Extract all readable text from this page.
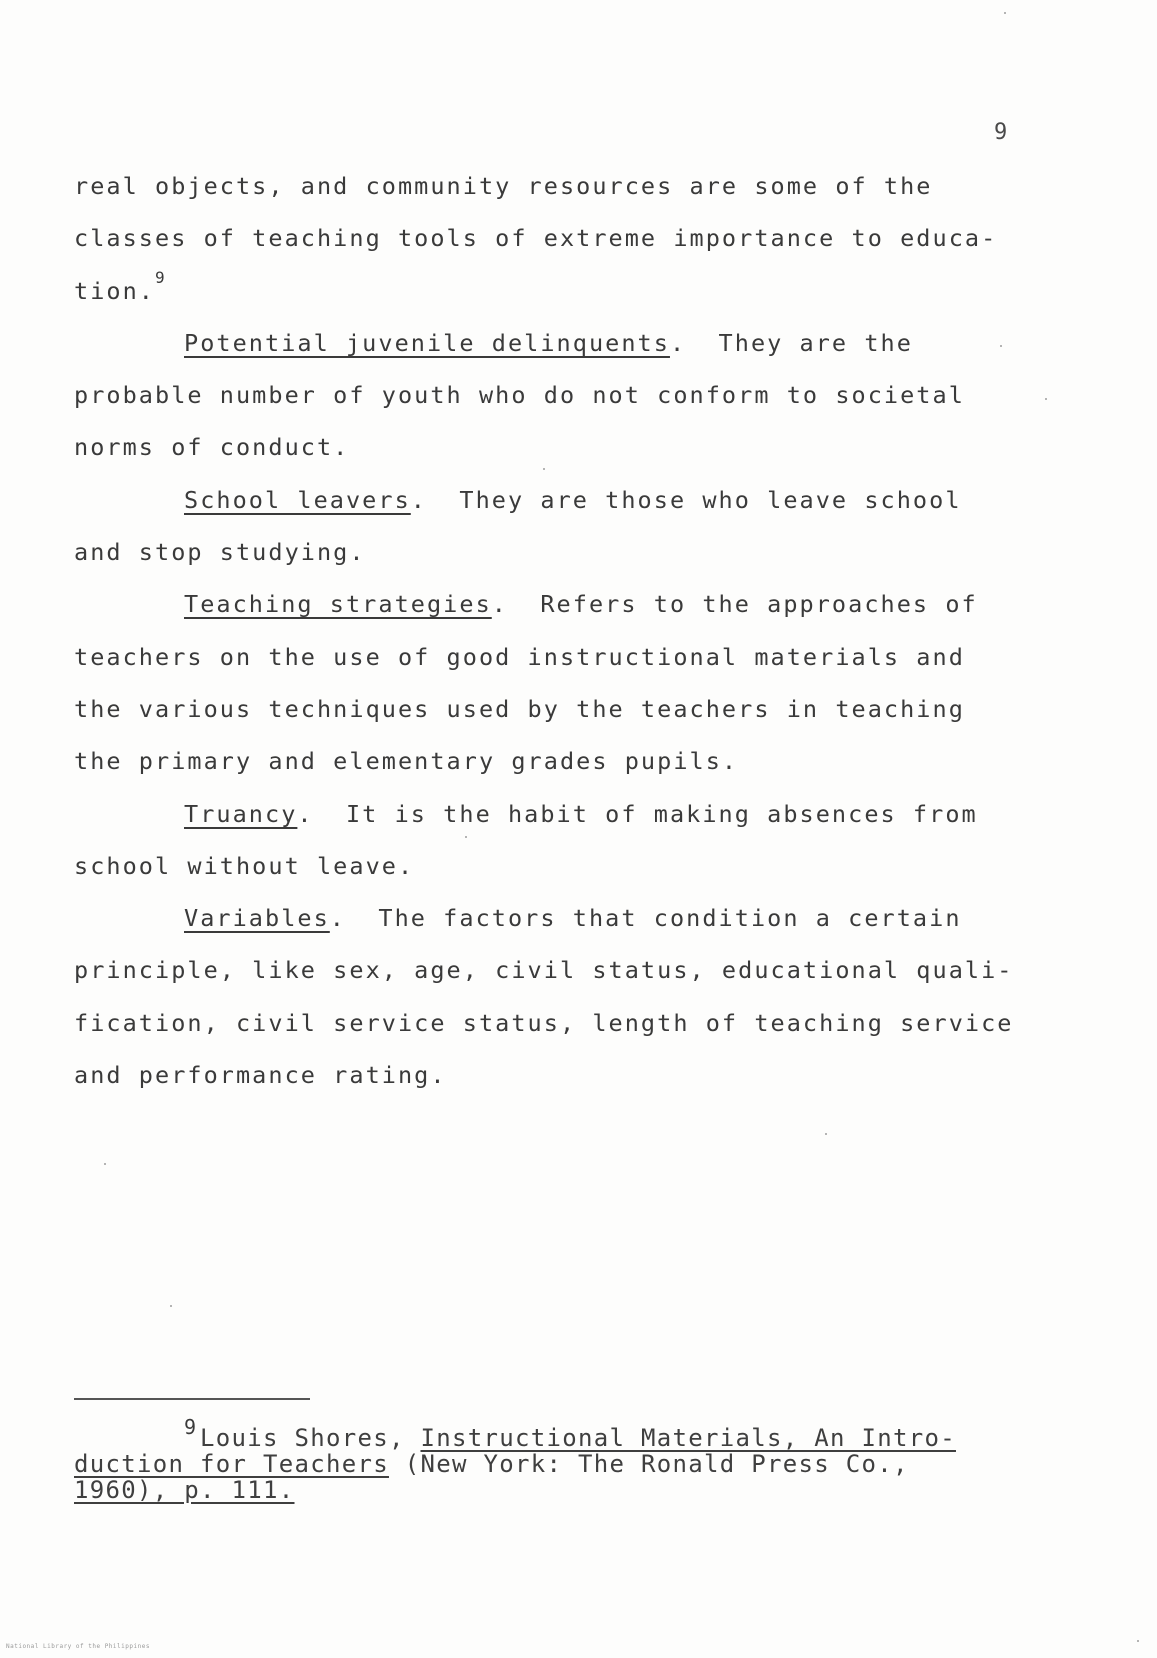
9
real objects, and community resources are some of the
classes of teaching tools of extreme importance to educa-
tion.$^9$
Potential juvenile delinquents.  They are the
probable number of youth who do not conform to societal
norms of conduct.
School leavers.  They are those who leave school
and stop studying.
Teaching strategies.  Refers to the approaches of
teachers on the use of good instructional materials and
the various techniques used by the teachers in teaching
the primary and elementary grades pupils.
Truancy.  It is the habit of making absences from
school without leave.
Variables.  The factors that condition a certain
principle, like sex, age, civil status, educational quali-
fication, civil service status, length of teaching service
and performance rating.
9 Louis Shores, Instructional Materials, An Intro-
duction for Teachers (New York: The Ronald Press Co.,
1960), p. 111.
National Library of the Philippines
